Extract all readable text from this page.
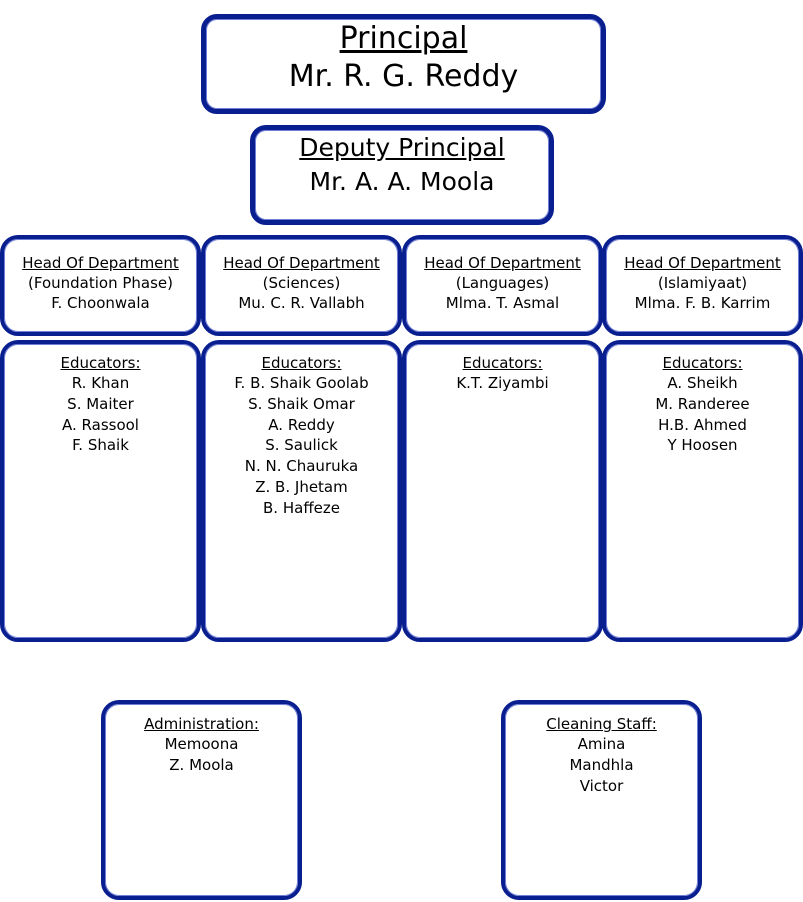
Principal
Mr. R. G. Reddy
Deputy Principal
Mr. A. A. Moola
Head Of Department
(Foundation Phase)
F. Choonwala
Head Of Department
(Sciences)
Mu. C. R. Vallabh
Head Of Department
(Languages)
Mlma. T. Asmal
Head Of Department
(Islamiyaat)
Mlma. F. B. Karrim
Educators:
R. Khan
S. Maiter
A. Rassool
F. Shaik
Educators:
F. B. Shaik Goolab
S. Shaik Omar
A. Reddy
S. Saulick
N. N. Chauruka
Z. B. Jhetam
B. Haffeze
Educators:
K.T. Ziyambi
Educators:
A. Sheikh
M. Randeree
H.B. Ahmed
Y Hoosen
Administration:
Memoona
Z. Moola
Cleaning Staff:
Amina
Mandhla
Victor
